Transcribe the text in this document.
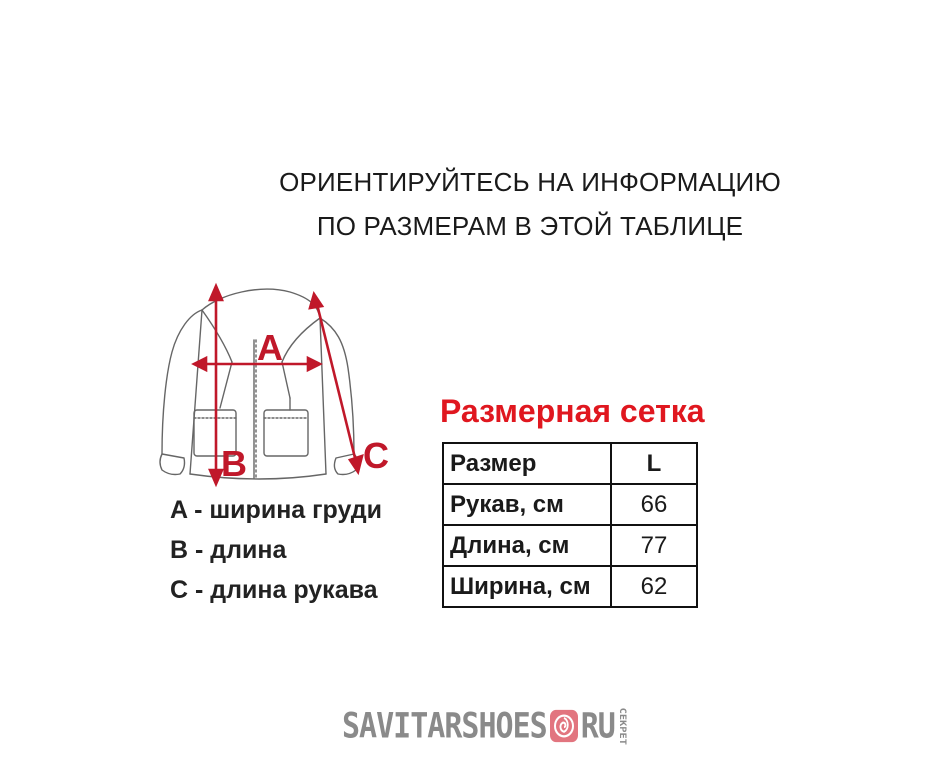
ОРИЕНТИРУЙТЕСЬ НА ИНФОРМАЦИЮ
ПО РАЗМЕРАМ В ЭТОЙ ТАБЛИЦЕ
A
B	C
A - ширина груди
B - длина
C - длина рукава
Размерная сетка
Размер	L
Рукав, см	66
Длина, см	77
Ширина, см	62
SAVITARSHOES RU СЕКРЕТ
